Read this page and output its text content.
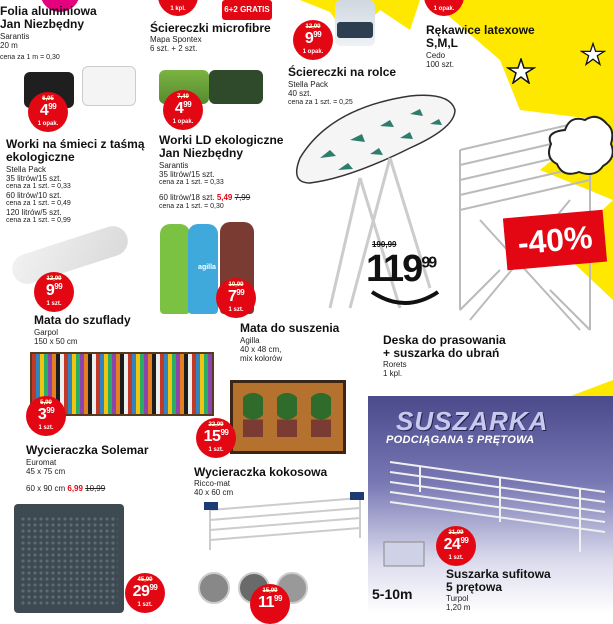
Folia aluminiowa
Jan Niezbędny
Sarantis
20 m
cena za 1 m = 0,30
1 kpl.	6+2 GRATIS
Ściereczki microfibre
Mapa Spontex
6 szt. + 2 szt.
12,99
$9^{99}$
1 opak.
Ściereczki na rolce
Stella Pack
40 szt.
cena za 1 szt. = 0,25
1 opak.
Rękawice latexowe
S,M,L
Cedo
100 szt.
6,95
$4^{99}$
1 opak.
Worki na śmieci z taśmą
ekologiczne
Stella Pack
35 litrów/15 szt.
cena za 1 szt. = 0,33
60 litrów/10 szt.
cena za 1 szt. = 0,49
120 litrów/5 szt.
cena za 1 szt. = 0,99
7,49
$4^{99}$
1 opak.
Worki LD ekologiczne
Jan Niezbędny
Sarantis
35 litrów/15 szt.
cena za 1 szt. = 0,33
60 litrów/18 szt. 5,49 7,99
cena za 1 szt. = 0,30
-40%
190,99
$119^{99}$
Deska do prasowania
+ suszarka do ubrań
Rorets
1 kpl.
12,99
$9^{99}$
1 szt.
Mata do szuflady
Garpol
150 x 50 cm
agilla
10,99
$7^{99}$
1 szt.
Mata do suszenia
Agilla
40 x 48 cm,
mix kolorów
5,99
$3^{99}$
1 szt.
Wycieraczka Solemar
Euromat
45 x 75 cm
60 x 90 cm 6,99 10,99
22,99
$15^{99}$
1 szt.
Wycieraczka kokosowa
Ricco-mat
40 x 60 cm
45,99
$29^{99}$
1 szt.
15,99
$11^{99}$
SUSZARKA
PODCIĄGANA 5 PRĘTOWA
31,99
$24^{99}$
1 szt.
Suszarka sufitowa
5 prętowa
Turpol
1,20 m
5-10m
